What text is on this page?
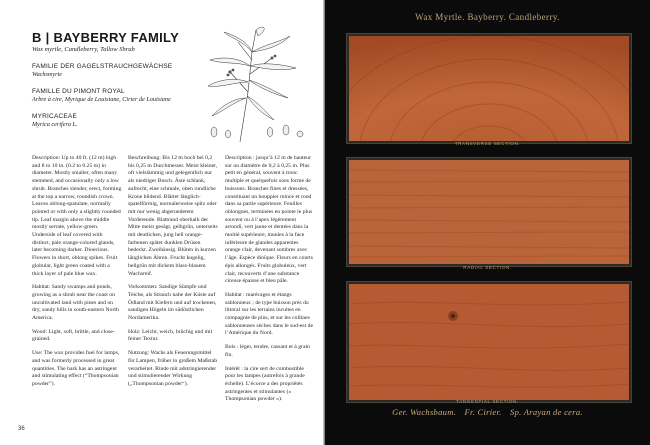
B | BAYBERRY FAMILY
Wax myrtle, Candleberry, Tallow Shrub
FAMILIE DER GAGELSTRAUCHGEWÄCHSE
Wachsmyrte
FAMILLE DU PIMONT ROYAL
Arbre à cire, Myrique de Louisiane, Cirier de Louisiane
MYRICACEAE
Myrica cerifera L.

Description: Up to 40 ft. (12 m) high and 8 to 10 in. (0.2 to 0.25 m) in diameter. Mostly smaller, often many stemmed, and occasionally only a low shrub. Branches slender, erect, forming at the top a narrow, roundish crown. Leaves oblong-spatulate, normally pointed or with only a slightly rounded tip. Leaf margin above the middle mostly serrate, yellow-green. Underside of leaf covered with distinct, pale orange-colored glands, later becoming darker. Dioecious. Flowers in short, oblong spikes. Fruit globular, light green coated with a thick layer of pale blue wax.

Habitat: Sandy swamps and ponds, growing as a shrub near the coast on uncultivated land with pines and on dry, sandy hills in south-eastern North America.

Wood: Light, soft, brittle, and close-grained.

Use: The wax provides fuel for lamps, and was formerly processed in great quantities. The bark has an astringent and stimulating effect (“Thompsonian powder”).

Beschreibung: Bis 12 m hoch bei 0,2 bis 0,25 m Durchmesser. Meist kleiner, oft vielstämmig und gelegentlich nur als niedriger Busch. Äste schlank, aufrecht, eine schmale, oben rundliche Krone bildend. Blätter länglich-spatelförmig, normalerweise spitz oder mit nur wenig abgerundetem Vorderende. Blattrand oberhalb der Mitte meist gesägt, gelbgrün, unterseits mit deutlichen, jung hell orange-farbenen später dunklen Drüsen bedeckt. Zweihäusig. Blüten in kurzen länglichen Ähren. Frucht kugelig, hellgrün mit dickem blass-blauem Wachsreif.

Vorkommen: Sandige Sümpfe und Teiche, als Strauch nahe der Küste auf Ödland mit Kiefern und auf trockenen, sandigen Hügeln im südöstlichen Nordamerika.

Holz: Leicht, weich, brüchig und mit feiner Textur.

Nutzung: Wachs als Feuerungsmittel für Lampen, früher in großem Maßstab verarbeitet. Rinde mit adstringierender und stimulierender Wirkung („Thompsonian powder“).

Description : jusqu’à 12 m de hauteur sur un diamètre de 0,2 à 0,25 m. Plus petit en général, souvent à tronc multiple et quelquefois sous forme de buissons. Branches fines et dressées, constituant un houppier mince et rond dans sa partie supérieure. Feuilles oblongues, terminées en pointe le plus souvent ou à l’apex légèrement arrondi, vert jaune et dentées dans la moitié supérieure, munies à la face inférieure de glandes apparentes orange clair, devenant sombres avec l’âge. Espèce dioïque. Fleurs en courts épis allongés. Fruits globuleux, vert clair, recouverts d’une substance cireuse épaisse et bleu pâle.

Habitat : marécages et étangs sablonneux ; de type buisson près du littoral sur les terrains incultes en compagnie de pins, et sur les collines sablonneuses sèches dans le sud-est de l’Amérique du Nord.

Bois : léger, tendre, cassant et à grain fin.

Intérêt : la cire sert de combustible pour les lampes (autrefois à grande échelle). L’écorce a des propriétés astringentes et stimulantes (« Thompsonian powder »).

36
Wax Myrtle. Bayberry. Candleberry.
TRANSVERSE SECTION.
RADIAL SECTION.
TANGENTIAL SECTION.
Ger. Wachsbaum. Fr. Cirier. Sp. Arayan de cera.
